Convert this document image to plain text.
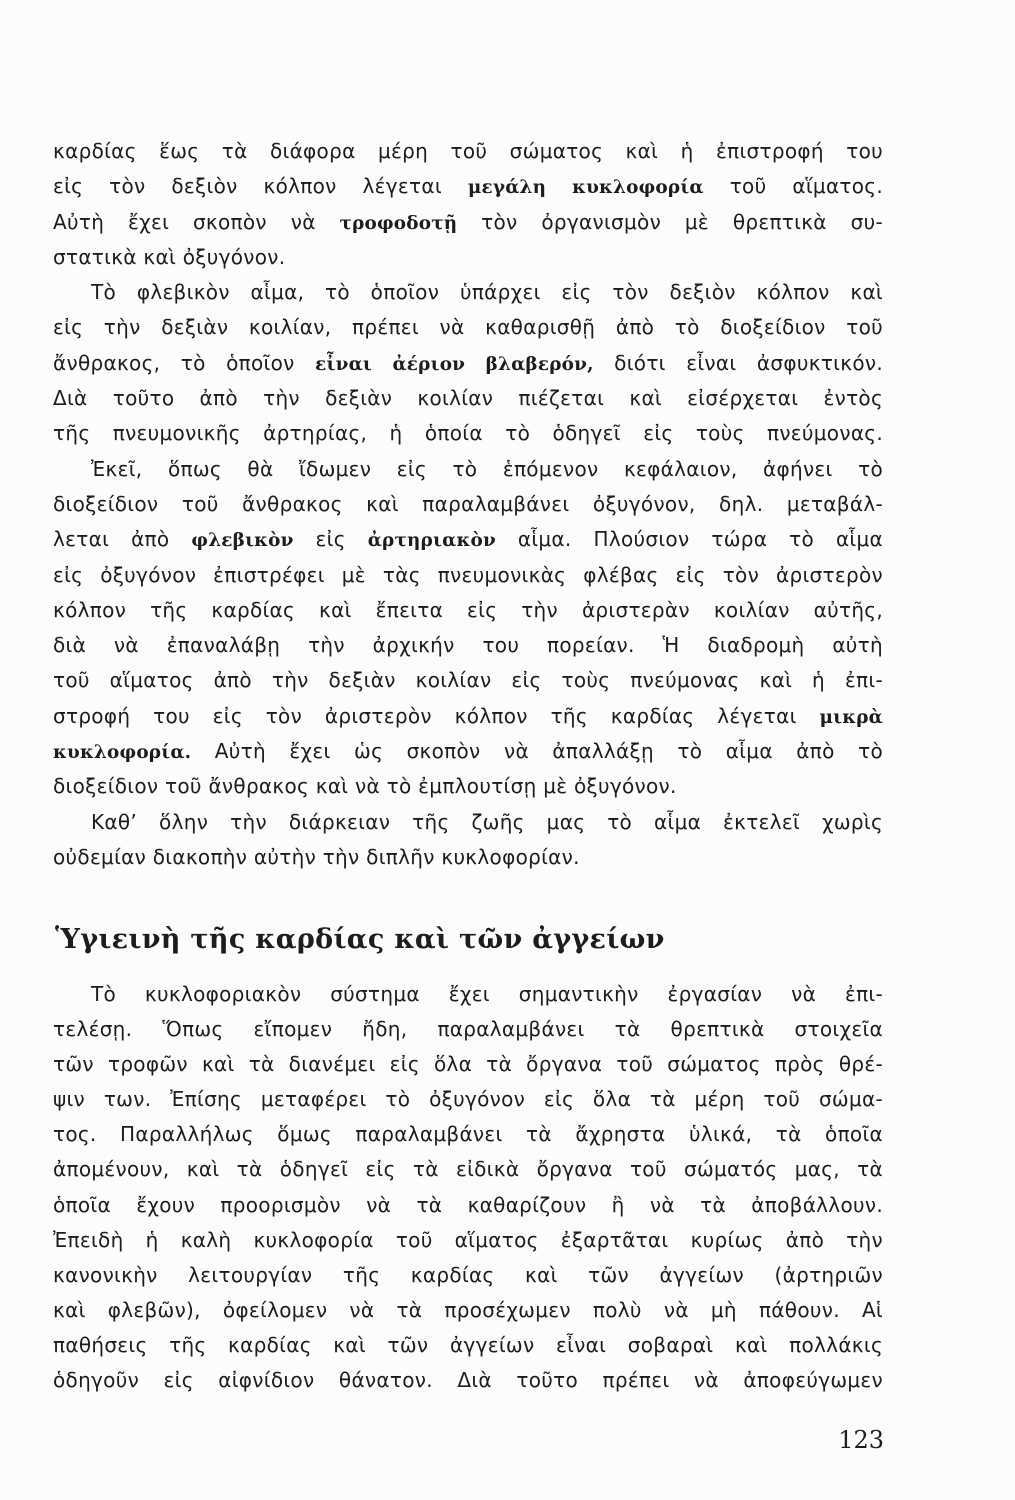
καρδίας ἕως τὰ διάφορα μέρη τοῦ σώματος καὶ ἡ ἐπιστροφή του
εἰς τὸν δεξιὸν κόλπον λέγεται μεγάλη κυκλοφορία τοῦ αἵματος.
Αὐτὴ ἔχει σκοπὸν νὰ τροφοδοτῇ τὸν ὀργανισμὸν μὲ θρεπτικὰ συ-
στατικὰ καὶ ὀξυγόνον.
Τὸ φλεβικὸν αἷμα, τὸ ὁποῖον ὑπάρχει εἰς τὸν δεξιὸν κόλπον καὶ
εἰς τὴν δεξιὰν κοιλίαν, πρέπει νὰ καθαρισθῇ ἀπὸ τὸ διοξείδιον τοῦ
ἄνθρακος, τὸ ὁποῖον εἶναι ἀέριον βλαβερόν, διότι εἶναι ἀσφυκτικόν.
Διὰ τοῦτο ἀπὸ τὴν δεξιὰν κοιλίαν πιέζεται καὶ εἰσέρχεται ἐντὸς
τῆς πνευμονικῆς ἀρτηρίας, ἡ ὁποία τὸ ὁδηγεῖ εἰς τοὺς πνεύμονας.
Ἐκεῖ, ὅπως θὰ ἴδωμεν εἰς τὸ ἑπόμενον κεφάλαιον, ἀφήνει τὸ
διοξείδιον τοῦ ἄνθρακος καὶ παραλαμβάνει ὀξυγόνον, δηλ. μεταβάλ-
λεται ἀπὸ φλεβικὸν εἰς ἀρτηριακὸν αἷμα. Πλούσιον τώρα τὸ αἷμα
εἰς ὀξυγόνον ἐπιστρέφει μὲ τὰς πνευμονικὰς φλέβας εἰς τὸν ἀριστερὸν
κόλπον τῆς καρδίας καὶ ἔπειτα εἰς τὴν ἀριστερὰν κοιλίαν αὐτῆς,
διὰ νὰ ἐπαναλάβῃ τὴν ἀρχικήν του πορείαν. Ἡ διαδρομὴ αὐτὴ
τοῦ αἵματος ἀπὸ τὴν δεξιὰν κοιλίαν εἰς τοὺς πνεύμονας καὶ ἡ ἐπι-
στροφή του εἰς τὸν ἀριστερὸν κόλπον τῆς καρδίας λέγεται μικρὰ
κυκλοφορία. Αὐτὴ ἔχει ὡς σκοπὸν νὰ ἀπαλλάξῃ τὸ αἷμα ἀπὸ τὸ
διοξείδιον τοῦ ἄνθρακος καὶ νὰ τὸ ἐμπλουτίσῃ μὲ ὀξυγόνον.
Καθ’ ὅλην τὴν διάρκειαν τῆς ζωῆς μας τὸ αἷμα ἐκτελεῖ χωρὶς
οὐδεμίαν διακοπὴν αὐτὴν τὴν διπλῆν κυκλοφορίαν.
Ὑγιεινὴ τῆς καρδίας καὶ τῶν ἀγγείων
Τὸ κυκλοφοριακὸν σύστημα ἔχει σημαντικὴν ἐργασίαν νὰ ἐπι-
τελέσῃ. Ὅπως εἴπομεν ἤδη, παραλαμβάνει τὰ θρεπτικὰ στοιχεῖα
τῶν τροφῶν καὶ τὰ διανέμει εἰς ὅλα τὰ ὄργανα τοῦ σώματος πρὸς θρέ-
ψιν των. Ἐπίσης μεταφέρει τὸ ὀξυγόνον εἰς ὅλα τὰ μέρη τοῦ σώμα-
τος. Παραλλήλως ὅμως παραλαμβάνει τὰ ἄχρηστα ὑλικά, τὰ ὁποῖα
ἀπομένουν, καὶ τὰ ὁδηγεῖ εἰς τὰ εἰδικὰ ὄργανα τοῦ σώματός μας, τὰ
ὁποῖα ἔχουν προορισμὸν νὰ τὰ καθαρίζουν ἢ νὰ τὰ ἀποβάλλουν.
Ἐπειδὴ ἡ καλὴ κυκλοφορία τοῦ αἵματος ἐξαρτᾶται κυρίως ἀπὸ τὴν
κανονικὴν λειτουργίαν τῆς καρδίας καὶ τῶν ἀγγείων (ἀρτηριῶν
καὶ φλεβῶν), ὀφείλομεν νὰ τὰ προσέχωμεν πολὺ νὰ μὴ πάθουν. Αἱ
παθήσεις τῆς καρδίας καὶ τῶν ἀγγείων εἶναι σοβαραὶ καὶ πολλάκις
ὁδηγοῦν εἰς αἰφνίδιον θάνατον. Διὰ τοῦτο πρέπει νὰ ἀποφεύγωμεν
123
